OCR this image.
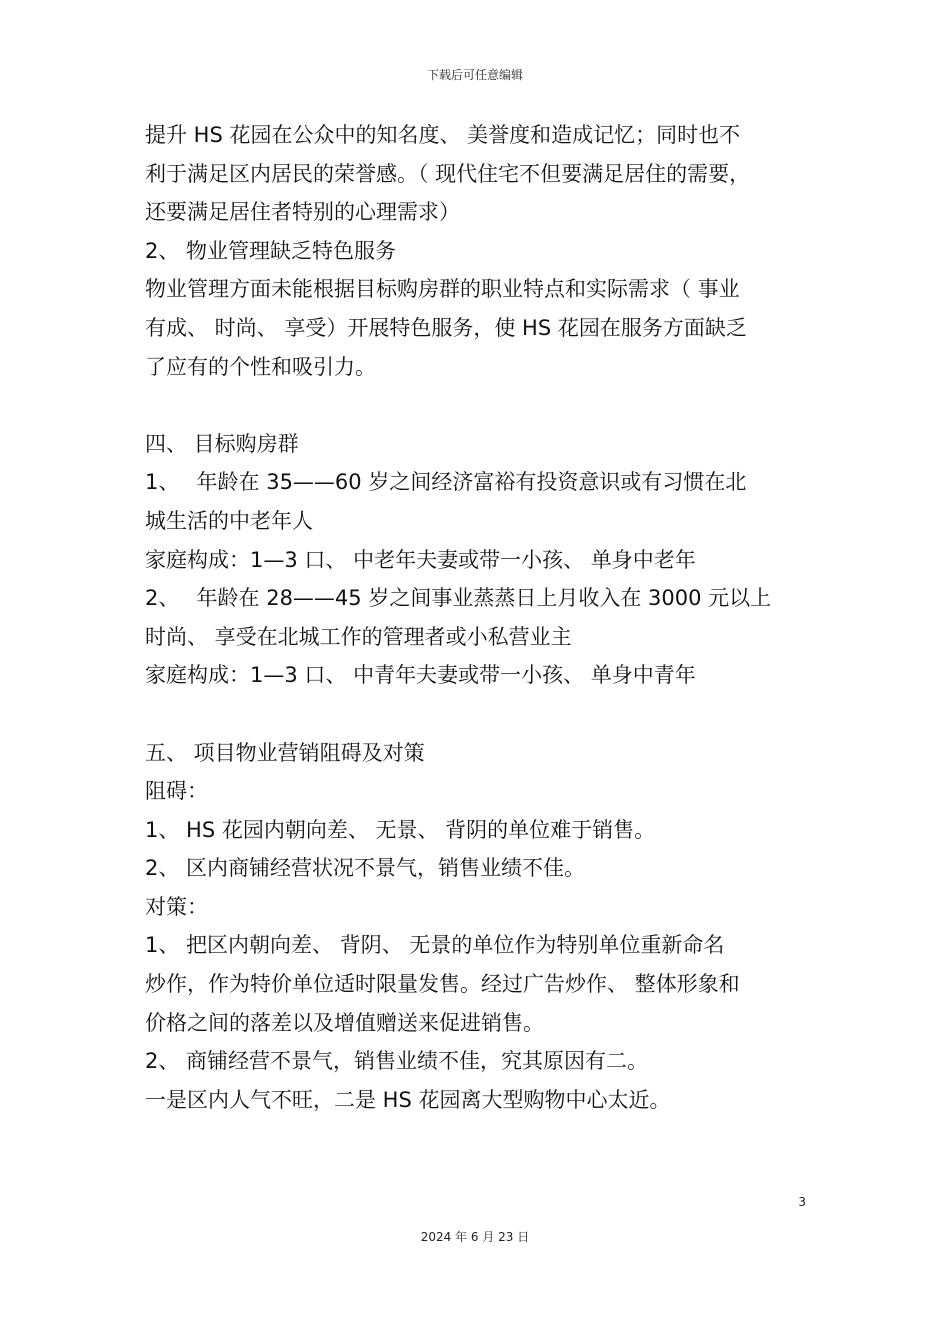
下载后可任意编辑
提升 HS 花园在公众中的知名度、 美誉度和造成记忆；同时也不
利于满足区内居民的荣誉感。（ 现代住宅不但要满足居住的需要，
还要满足居住者特别的心理需求）
2、 物业管理缺乏特色服务
物业管理方面未能根据目标购房群的职业特点和实际需求（ 事业
有成、 时尚、 享受）开展特色服务，使 HS 花园在服务方面缺乏
了应有的个性和吸引力。
四、 目标购房群
1、　 年龄在 35——60 岁之间经济富裕有投资意识或有习惯在北
城生活的中老年人
家庭构成：1—3 口、 中老年夫妻或带一小孩、 单身中老年
2、　 年龄在 28——45 岁之间事业蒸蒸日上月收入在 3000 元以上
时尚、 享受在北城工作的管理者或小私营业主
家庭构成：1—3 口、 中青年夫妻或带一小孩、 单身中青年
五、 项目物业营销阻碍及对策
阻碍：
1、 HS 花园内朝向差、 无景、 背阴的单位难于销售。
2、 区内商铺经营状况不景气，销售业绩不佳。
对策：
1、 把区内朝向差、 背阴、 无景的单位作为特别单位重新命名
炒作，作为特价单位适时限量发售。经过广告炒作、 整体形象和
价格之间的落差以及增值赠送来促进销售。
2、 商铺经营不景气，销售业绩不佳，究其原因有二。
一是区内人气不旺，二是 HS 花园离大型购物中心太近。
3
2024 年 6 月 23 日
